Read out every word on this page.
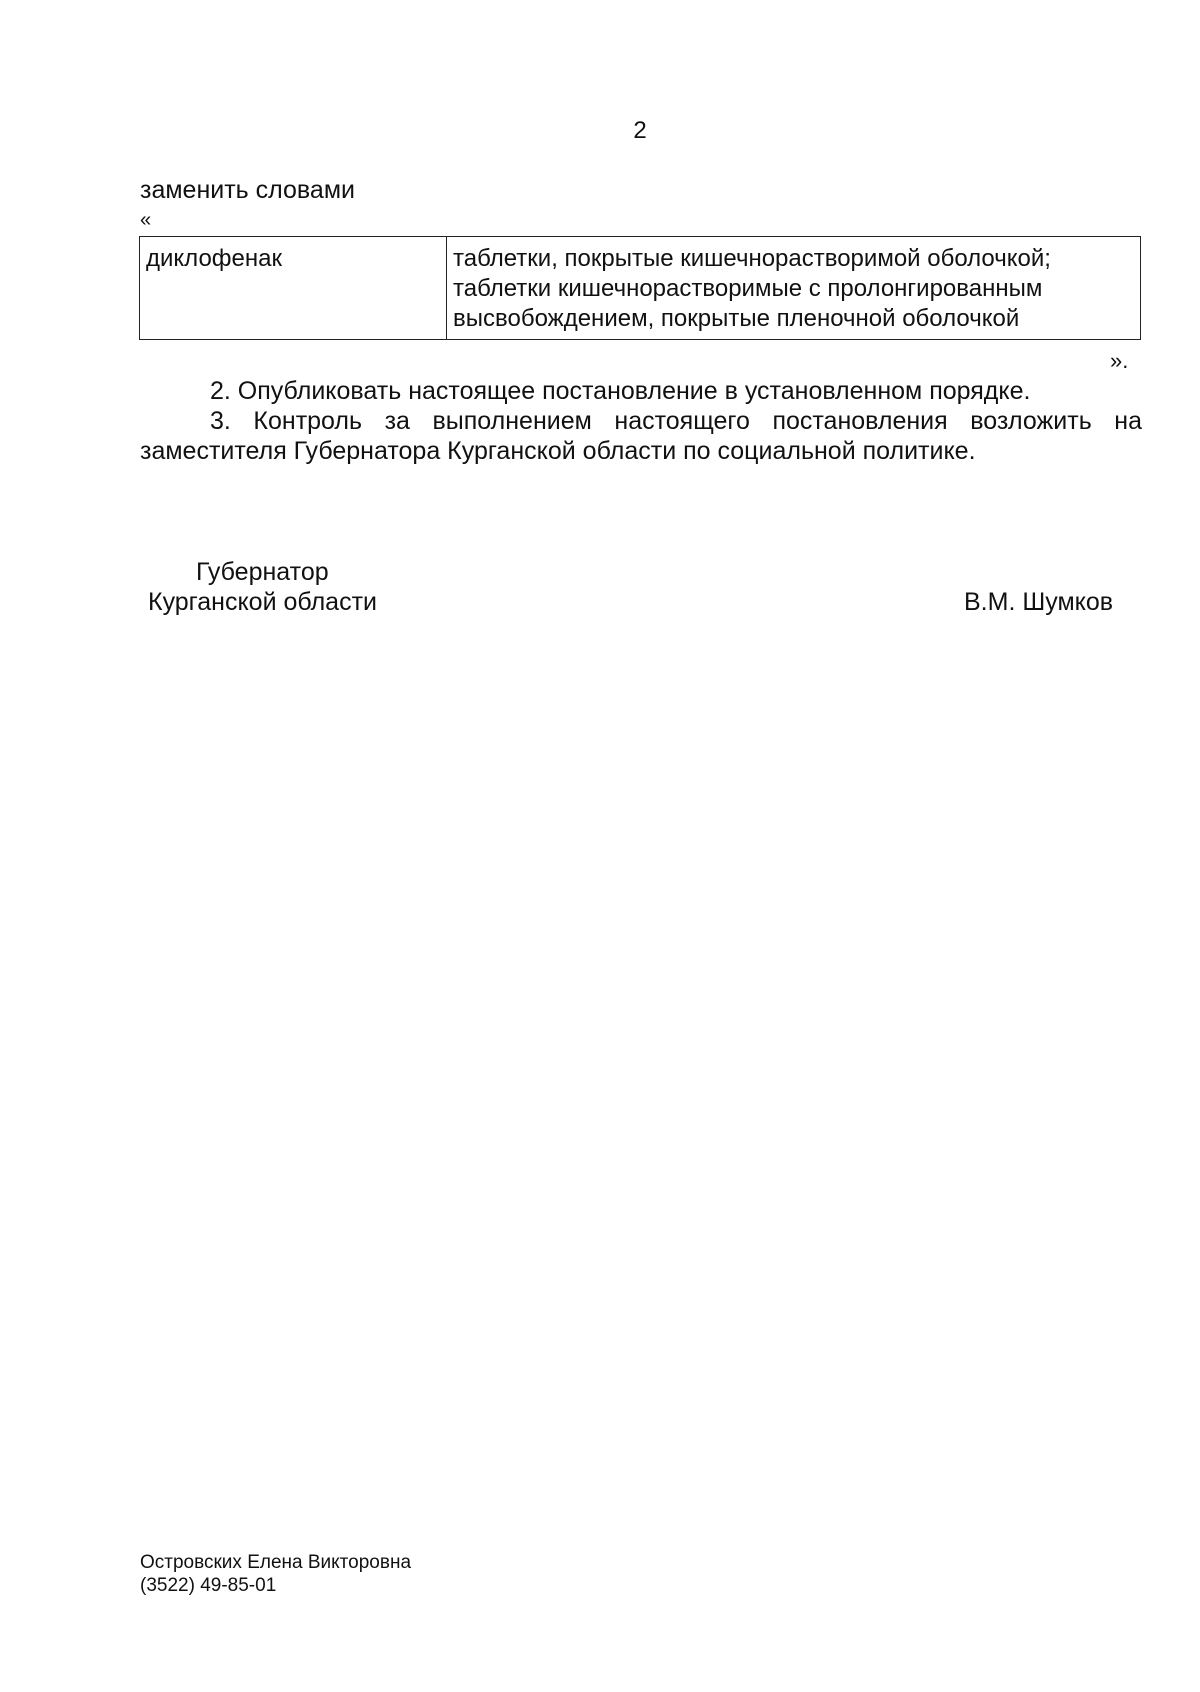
2
заменить словами
«
диклофенак	таблетки, покрытые кишечнорастворимой оболочкой;
таблетки кишечнорастворимые с пролонгированным
высвобождением, покрытые пленочной оболочкой
».
2. Опубликовать настоящее постановление в установленном порядке.
3. Контроль за выполнением настоящего постановления возложить на
заместителя Губернатора Курганской области по социальной политике.
Губернатор
Курганской области	В.М. Шумков
Островских Елена Викторовна
(3522) 49-85-01
